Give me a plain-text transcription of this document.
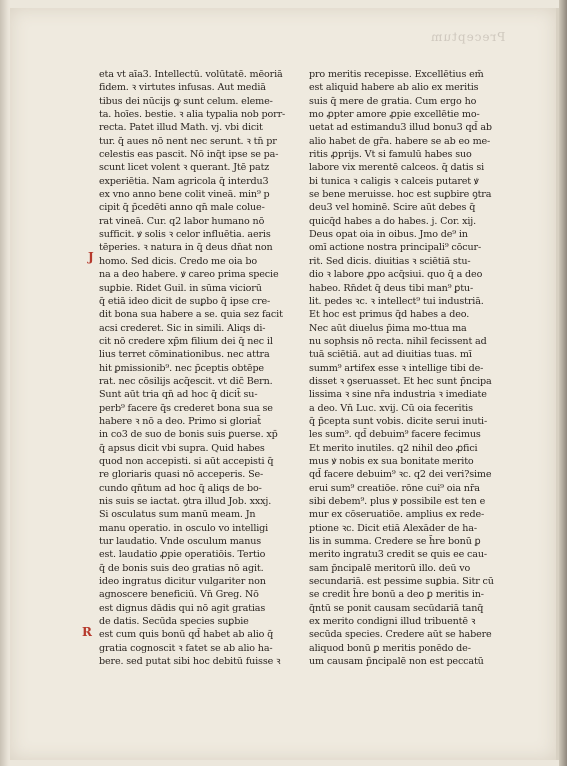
Preceptum
J
R
eta vt aīa3. Intellectū. volūtatē. mēoriā
fidem. ꝛ virtutes infusas. Aut mediā
tibus dei nūcijs ꝙ sunt celum. eleme-
ta. hoīes. bestie. ꝛ alia typalia nob porr-
recta. Patet illud Math. vj. vbi dicit
tur. q̄ aues nō nent nec serunt. ꝛ tn̄ pr
celestis eas pascit. Nō inq̄t ipse se pa-
scunt licet volent ꝛ querant. Jtē patz
experiētia. Nam agricola q̄ interdu3
ex vno anno bene colit vineā. min⁹ p
cipit q̄ p̄cedēti anno qn̄ male colue-
rat vineā. Cur. q2 labor humano nō
sufficit. ꝟ solis ꝛ celor influētia. aeris
tēperies. ꝛ natura in q̄ deus dn̄at non
homo. Sed dicis. Credo me oia bo
na a deo habere. ꝟ careo prima specie
suꝑbie. Ridet Guil. in sūma viciorū
q̄ etiā ideo dicit de suꝑbo q̄ ipse cre-
dit bona sua habere a se. quia sez facit
acsi crederet. Sic in simili. Aliqs di-
cit nō credere xp̄m filium dei q̄ nec il
lius terret cōminationibus. nec attra
hit ꝑmissionib⁹. nec p̄ceptis obtēpe
rat. nec cōsilijs acq̄escit. vt dic̄ Bern.
Sunt aūt tria qn̄ ad hoc q̄ dicit̄ su-
perb⁹ facere q̄s crederet bona sua se
habere ꝛ nō a deo. Primo si gloriat̄
in co3 de suo de bonis suis ꝑuerse. xp̄
q̄ apsus dicit vbi supra. Quid habes
quod non accepisti. si aūt accepisti q̄
re gloriaris quasi nō acceperis. Se-
cundo qn̄tum ad hoc q̄ aliqs de bo-
nis suis se iactat. ꝯtra illud Job. xxxj.
Si osculatus sum manū meam. Jn
manu operatio. in osculo vo intelligi
tur laudatio. Vnde osculum manus
est. laudatio ꝓpie operatiōis. Tertio
q̄ de bonis suis deo gratias nō agit.
ideo ingratus dicitur vulgariter non
agnoscere beneficiū. Vn̄ Greg. Nō
est dignus dādis qui nō agit gratias
de datis. Secūda species suꝑbie
est cum quis bonū qd̄ habet ab alio q̄
gratia cognoscit ꝛ fatet se ab alio ha-
bere. sed putat sibi hoc debitū fuisse ꝛ
pro meritis recepisse. Excellētius em̄
est aliquid habere ab alio ex meritis
suis q̄ mere de gratia. Cum ergo ho
mo ꝓpter amore ꝓpie excellētie mo-
uetat ad estimandu3 illud bonu3 qd̄ ab
alio habet de gr̄a. habere se ab eo me-
ritis ꝓprijs. Vt si famulū habes suo
labore vix merentē calceos. q̄ datis si
bi tunica ꝛ caligis ꝛ calceis putaret ꝟ
se bene meruisse. hoc est suꝑbire ꝯtra
deu3 vel hominē. Scire aūt debes q̄
quicq̄d habes a do habes. j. Cor. xij.
Deus opat oia in oibus. Jmo de⁹ in
omī actione nostra principali⁹ cōcur-
rit. Sed dicis. diuitias ꝛ sciētiā stu-
dio ꝛ labore ꝓpo acq̄siui. quo q̄ a deo
habeo. Rn̄det q̄ deus tibi man⁹ ꝑtu-
lit. pedes ꝛc. ꝛ intellect⁹ tui industriā.
Et hoc est primus q̄d habes a deo.
Nec aūt diuelus p̄ima mo-ttua ma
nu sophsis nō recta. nihil fecissent ad
tuā sciētiā. aut ad diuitias tuas. mī
summ⁹ artifex esse ꝛ intellige tibi de-
disset ꝛ ꝯseruasset. Et hec sunt p̄ncipa
lissima ꝛ sine nr̄a industria ꝛ imediate
a deo. Vn̄ Luc. xvij. Cū oia feceritis
q̄ p̄cepta sunt vobis. dicite serui inuti-
les sum⁹. qd̄ debuim⁹ facere fecimus
Et merito inutiles. q2 nihil deo ꝓfici
mus ꝟ nobis ex sua bonitate merito
qd̄ facere debuim⁹ ꝛc. q2 dei veri?sime
erui sum⁹ creatiōe. rōne cui⁹ oia nr̄a
sibi debem⁹. plus ꝟ possibile est ten e
mur ex cōseruatiōe. amplius ex rede-
ptione ꝛc. Dicit etiā Alexāder de ha-
lis in summa. Credere se h̄re bonū ꝑ
merito ingratu3 credit se quis ee cau-
sam p̄ncipalē meritorū illo. deū vo
secundariā. est pessime suꝑbia. Sitr cū
se credit h̄re bonū a deo ꝑ meritis in-
q̄ntū se ponit causam secūdariā tanq̄
ex merito condigni illud tribuentē ꝛ
secūda species. Credere aūt se habere
aliquod bonū ꝑ meritis ponēdo de-
um causam p̄ncipalē non est peccatū
